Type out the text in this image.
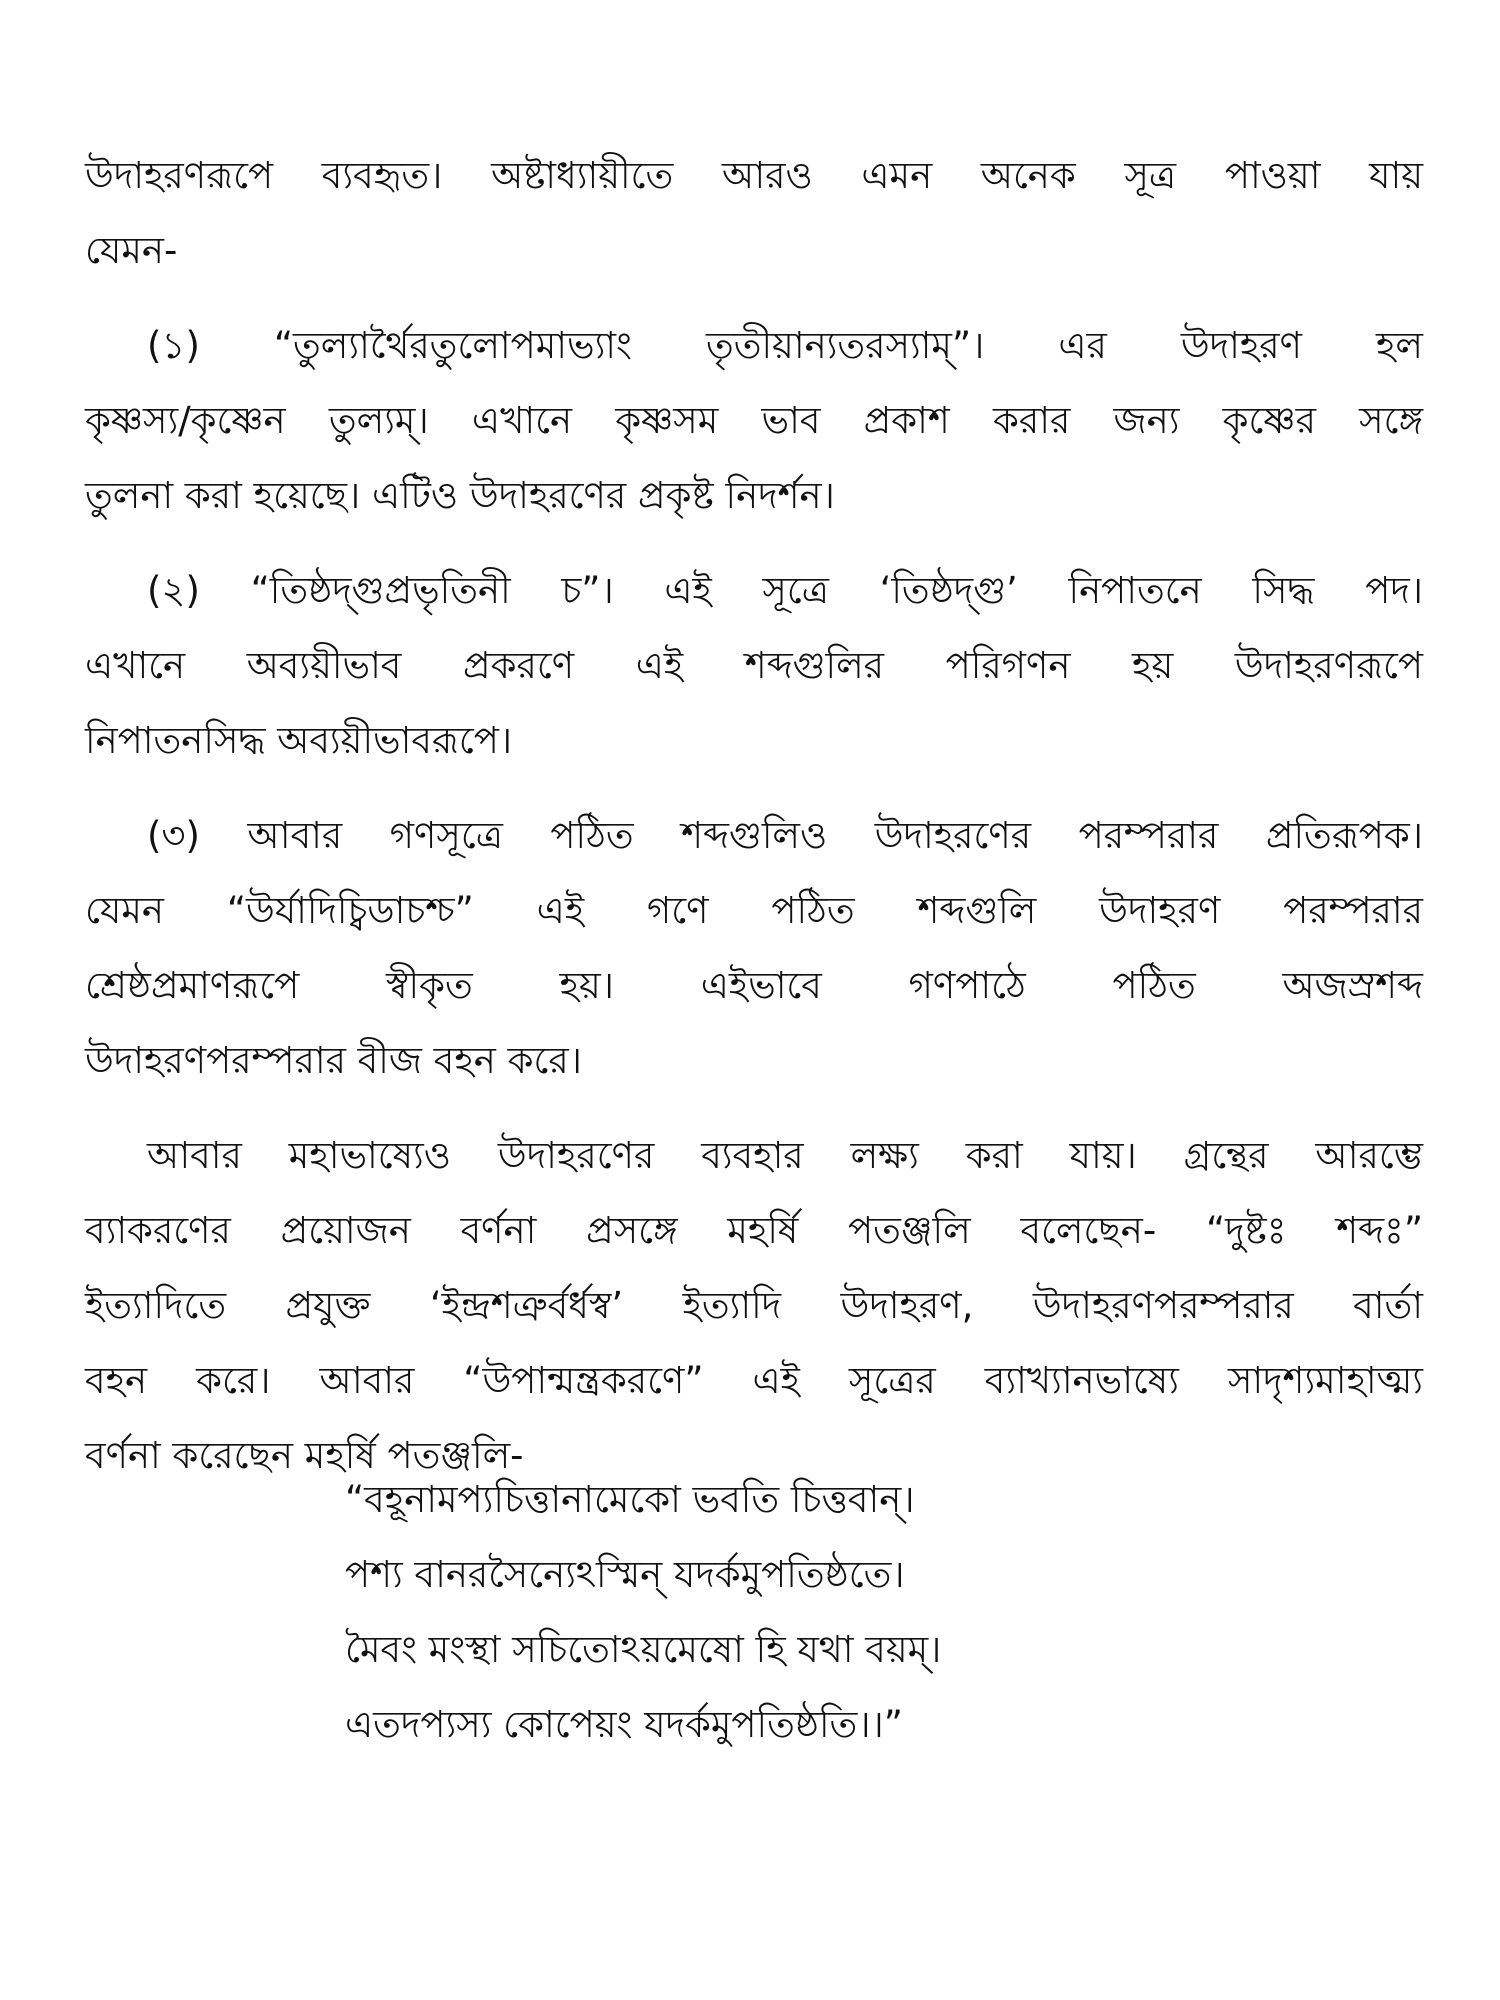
উদাহরণরূপে ব্যবহৃত। অষ্টাধ্যায়ীতে আরও এমন অনেক সূত্র পাওয়া যায়
যেমন-

(১) “তুল্যার্থৈরতুলোপমাভ্যাং তৃতীয়ান্যতরস্যাম্”। এর উদাহরণ হল
কৃষ্ণস্য/কৃষ্ণেন তুল্যম্। এখানে কৃষ্ণসম ভাব প্রকাশ করার জন্য কৃষ্ণের সঙ্গে
তুলনা করা হয়েছে। এটিও উদাহরণের প্রকৃষ্ট নিদর্শন।

(২) “তিষ্ঠদ্গুপ্রভৃতিনী চ”। এই সূত্রে ‘তিষ্ঠদ্গু’ নিপাতনে সিদ্ধ পদ।
এখানে অব্যয়ীভাব প্রকরণে এই শব্দগুলির পরিগণন হয় উদাহরণরূপে
নিপাতনসিদ্ধ অব্যয়ীভাবরূপে।

(৩) আবার গণসূত্রে পঠিত শব্দগুলিও উদাহরণের পরম্পরার প্রতিরূপক।
যেমন “উর্যাদিচ্বিডাচশ্চ” এই গণে পঠিত শব্দগুলি উদাহরণ পরম্পরার
শ্রেষ্ঠপ্রমাণরূপে স্বীকৃত হয়। এইভাবে গণপাঠে পঠিত অজস্রশব্দ
উদাহরণপরম্পরার বীজ বহন করে।

আবার মহাভাষ্যেও উদাহরণের ব্যবহার লক্ষ্য করা যায়। গ্রন্থের আরম্ভে
ব্যাকরণের প্রয়োজন বর্ণনা প্রসঙ্গে মহর্ষি পতঞ্জলি বলেছেন- “দুষ্টঃ শব্দঃ”
ইত্যাদিতে প্রযুক্ত ‘ইন্দ্রশত্রুর্বর্ধস্ব’ ইত্যাদি উদাহরণ, উদাহরণপরম্পরার বার্তা
বহন করে। আবার “উপান্মন্ত্রকরণে” এই সূত্রের ব্যাখ্যানভাষ্যে সাদৃশ্যমাহাত্ম্য
বর্ণনা করেছেন মহর্ষি পতঞ্জলি-

“বহূনামপ্যচিত্তানামেকো ভবতি চিত্তবান্।
পশ্য বানরসৈন্যেঽস্মিন্ যদর্কমুপতিষ্ঠতে।
মৈবং মংস্থা সচিতোঽয়মেষো হি যথা বয়ম্।
এতদপ্যস্য কোপেয়ং যদর্কমুপতিষ্ঠতি।।”
